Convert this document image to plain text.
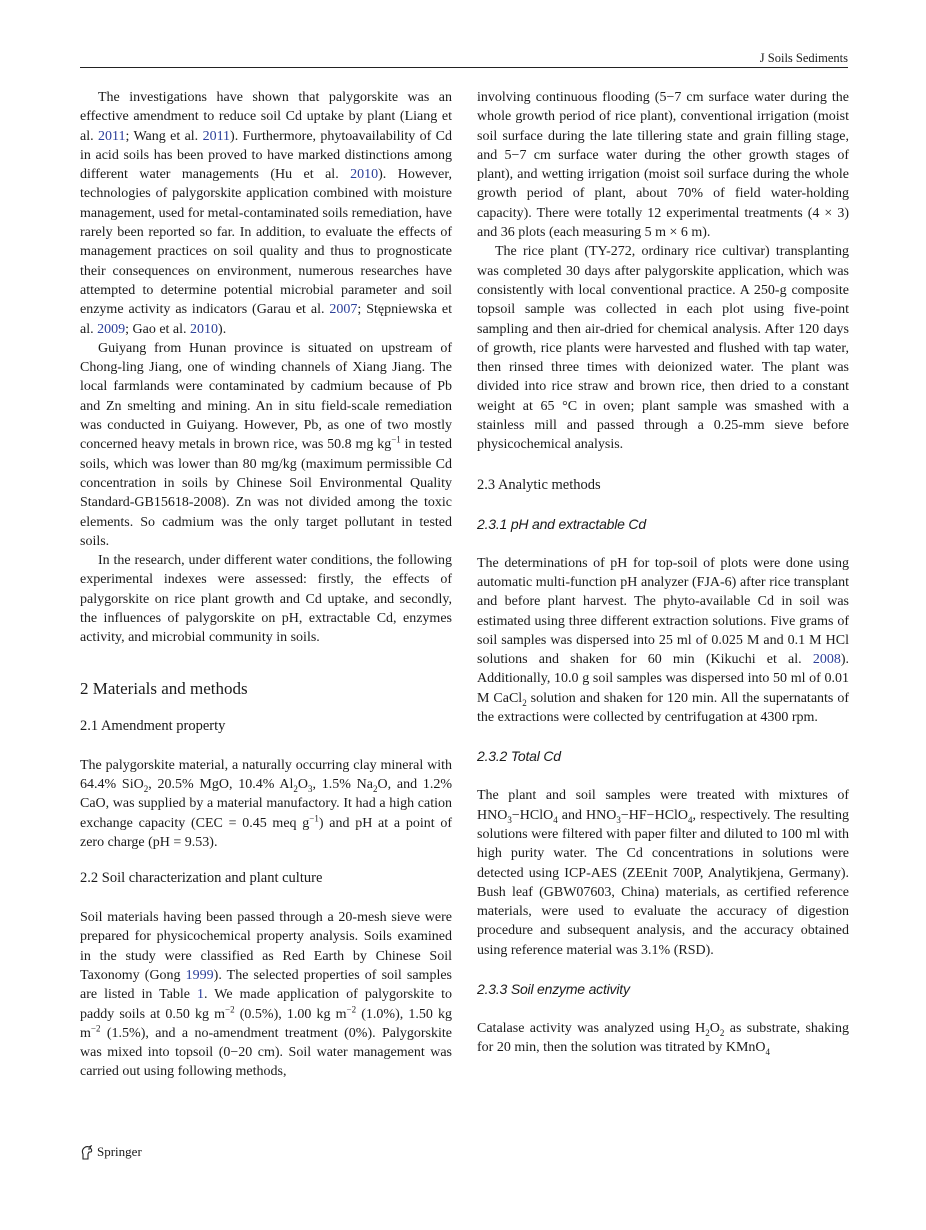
J Soils Sediments

The investigations have shown that palygorskite was an effective amendment to reduce soil Cd uptake by plant (Liang et al. 2011; Wang et al. 2011). Furthermore, phytoavailability of Cd in acid soils has been proved to have marked distinctions among different water managements (Hu et al. 2010). However, technologies of palygorskite application combined with moisture management, used for metal-contaminated soils remediation, have rarely been reported so far. In addition, to evaluate the effects of management practices on soil quality and thus to prognosticate their consequences on environment, numerous researches have attempted to determine potential microbial parameter and soil enzyme activity as indicators (Garau et al. 2007; Stępniewska et al. 2009; Gao et al. 2010).

Guiyang from Hunan province is situated on upstream of Chong-ling Jiang, one of winding channels of Xiang Jiang. The local farmlands were contaminated by cadmium because of Pb and Zn smelting and mining. An in situ field-scale remediation was conducted in Guiyang. However, Pb, as one of two mostly concerned heavy metals in brown rice, was 50.8 mg $kg^{-1}$ in tested soils, which was lower than 80 mg/kg (maximum permissible Cd concentration in soils by Chinese Soil Environmental Quality Standard-GB15618-2008). Zn was not divided among the toxic elements. So cadmium was the only target pollutant in tested soils.

In the research, under different water conditions, the following experimental indexes were assessed: firstly, the effects of palygorskite on rice plant growth and Cd uptake, and secondly, the influences of palygorskite on pH, extractable Cd, enzymes activity, and microbial community in soils.

2 Materials and methods
2.1 Amendment property

The palygorskite material, a naturally occurring clay mineral with 64.4% SiO$_2$, 20.5% MgO, 10.4% $Al_2O_3$, 1.5% $Na_2O$, and 1.2% CaO, was supplied by a material manufactory. It had a high cation exchange capacity (CEC = 0.45 meq $g^{-1}$) and pH at a point of zero charge (pH = 9.53).

2.2 Soil characterization and plant culture

Soil materials having been passed through a 20-mesh sieve were prepared for physicochemical property analysis. Soils examined in the study were classified as Red Earth by Chinese Soil Taxonomy (Gong 1999). The selected properties of soil samples are listed in Table 1. We made application of palygorskite to paddy soils at 0.50 kg $m^{-2}$ (0.5%), 1.00 kg $m^{-2}$ (1.0%), 1.50 kg $m^{-2}$ (1.5%), and a no-amendment treatment (0%). Palygorskite was mixed into topsoil (0−20 cm). Soil water management was carried out using following methods,

involving continuous flooding (5−7 cm surface water during the whole growth period of rice plant), conventional irrigation (moist soil surface during the late tillering state and grain filling stage, and 5−7 cm surface water during the other growth stages of plant), and wetting irrigation (moist soil surface during the whole growth period of plant, about 70% of field water-holding capacity). There were totally 12 experimental treatments (4 × 3) and 36 plots (each measuring 5 m × 6 m).

The rice plant (TY-272, ordinary rice cultivar) transplanting was completed 30 days after palygorskite application, which was consistently with local conventional practice. A 250-g composite topsoil sample was collected in each plot using five-point sampling and then air-dried for chemical analysis. After 120 days of growth, rice plants were harvested and flushed with tap water, then rinsed three times with deionized water. The plant was divided into rice straw and brown rice, then dried to a constant weight at 65 °C in oven; plant sample was smashed with a stainless mill and passed through a 0.25-mm sieve before physicochemical analysis.

2.3 Analytic methods
2.3.1 pH and extractable Cd

The determinations of pH for top-soil of plots were done using automatic multi-function pH analyzer (FJA-6) after rice transplant and before plant harvest. The phyto-available Cd in soil was estimated using three different extraction solutions. Five grams of soil samples was dispersed into 25 ml of 0.025 M and 0.1 M HCl solutions and shaken for 60 min (Kikuchi et al. 2008). Additionally, 10.0 g soil samples was dispersed into 50 ml of 0.01 M CaCl$_2$ solution and shaken for 120 min. All the supernatants of the extractions were collected by centrifugation at 4300 rpm.

2.3.2 Total Cd

The plant and soil samples were treated with mixtures of $HNO_3-HClO_4$ and $HNO_3-HF-HClO_4$, respectively. The resulting solutions were filtered with paper filter and diluted to 100 ml with high purity water. The Cd concentrations in solutions were detected using ICP-AES (ZEEnit 700P, Analytikjena, Germany). Bush leaf (GBW07603, China) materials, as certified reference materials, were used to evaluate the accuracy of digestion procedure and subsequent analysis, and the accuracy obtained using reference material was 3.1% (RSD).

2.3.3 Soil enzyme activity

Catalase activity was analyzed using $H_2O_2$ as substrate, shaking for 20 min, then the solution was titrated by KMnO$_4$

Springer
